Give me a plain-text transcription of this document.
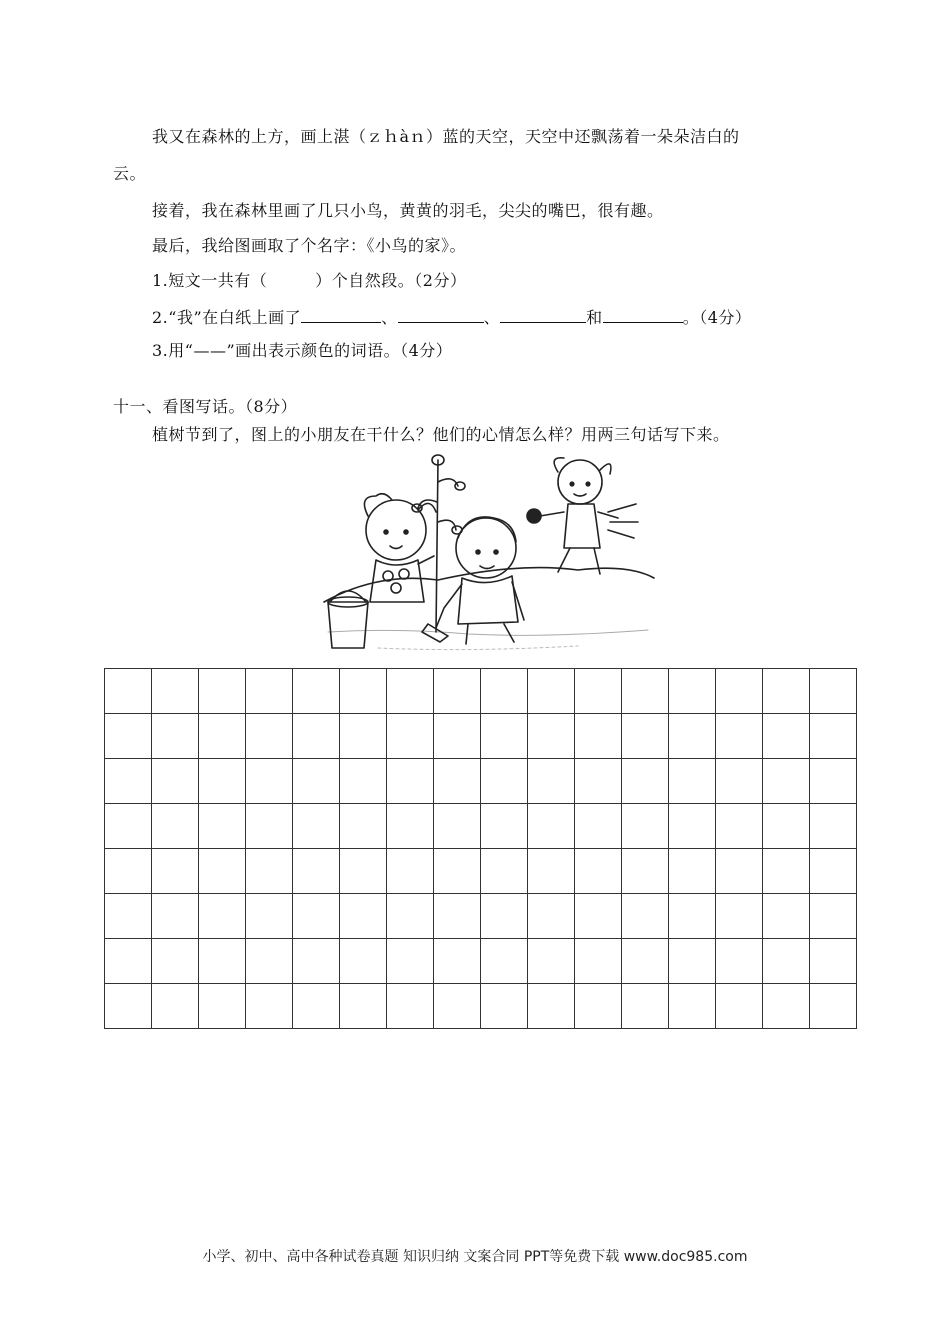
我又在森林的上方，画上湛（ｚｈàｎ）蓝的天空，天空中还飘荡着一朵朵洁白的
云。
接着，我在森林里画了几只小鸟，黄黄的羽毛，尖尖的嘴巴，很有趣。
最后，我给图画取了个名字：《小鸟的家》。
1.短文一共有（	）个自然段。（2分）
2.“我”在白纸上画了	、	、	和	。（4分）
3.用“——”画出表示颜色的词语。（4分）
十一、看图写话。（8分）
植树节到了，图上的小朋友在干什么？他们的心情怎么样？用两三句话写下来。

小学、初中、高中各种试卷真题 知识归纳 文案合同 PPT等免费下载 www.doc985.com
